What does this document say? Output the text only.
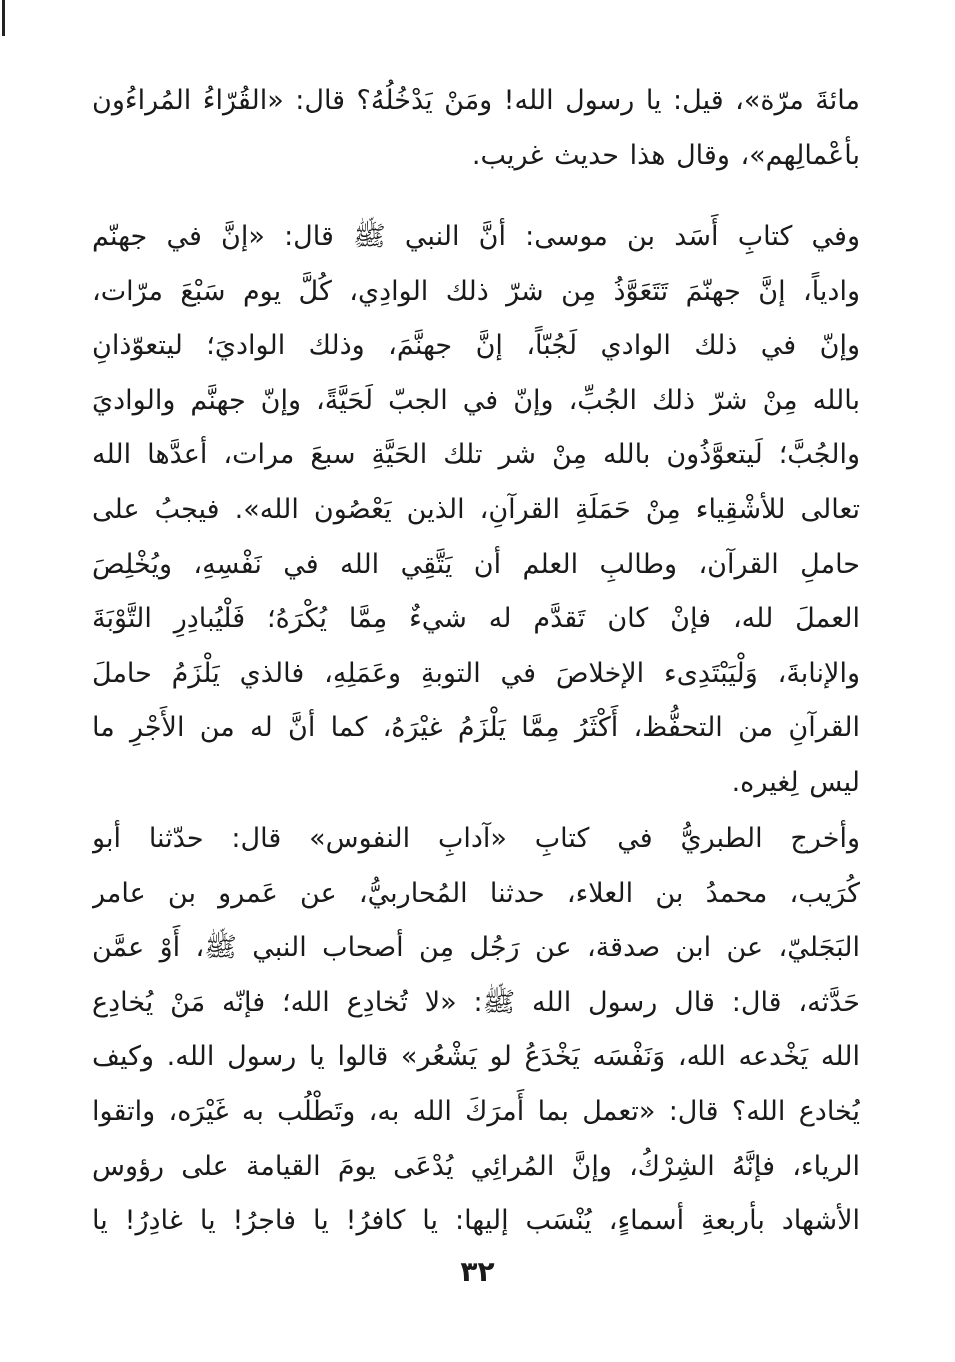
مائةَ مرّة»، قيل: يا رسول الله! ومَنْ يَدْخُلُهُ؟ قال: «القُرّاءُ المُراءُون
بأعْمالِهم»، وقال هذا حديث غريب.
وفي كتابِ أَسَد بن موسى: أنَّ النبي ﷺ قال: «إنَّ في جهنّم
وادياً، إنَّ جهنّمَ تَتَعَوَّذُ مِن شرّ ذلك الوادِي، كُلَّ يوم سَبْعَ مرّات،
وإنّ في ذلك الوادي لَجُبّاً، إنَّ جهنَّمَ، وذلك الواديَ؛ ليتعوّذانِ
بالله مِنْ شرّ ذلك الجُبِّ، وإنّ في الجبّ لَحَيَّةً، وإنّ جهنَّم والواديَ
والجُبَّ؛ لَيتعوَّذُون بالله مِنْ شر تلك الحَيَّةِ سبعَ مرات، أعدَّها الله
تعالى للأشْقِياء مِنْ حَمَلَةِ القرآنِ، الذين يَعْصُون الله». فيجبُ على
حاملِ القرآن، وطالبِ العلم أن يَتَّقِي الله في نَفْسِهِ، ويُخْلِصَ
العملَ لله، فإنْ كان تَقدَّم له شيءٌ مِمَّا يُكْرَهُ؛ فَلْيُبادِرِ التَّوْبَةَ
والإنابةَ، وَلْيَبْتَدِىء الإخلاصَ في التوبةِ وعَمَلِهِ، فالذي يَلْزَمُ حاملَ
القرآنِ من التحفُّظ، أَكْثَرُ مِمَّا يَلْزَمُ غيْرَهُ، كما أنَّ له من الأَجْرِ ما
ليس لِغيره.
وأخرج الطبريُّ في كتابِ «آدابِ النفوس» قال: حدّثنا أبو
كُرَيب، محمدُ بن العلاء، حدثنا المُحاربيُّ، عن عَمرو بن عامر
البَجَليّ، عن ابن صدقة، عن رَجُل مِن أصحاب النبي ﷺ، أَوْ عمَّن
حَدَّثه، قال: قال رسول الله ﷺ: «لا تُخادِع الله؛ فإنّه مَنْ يُخادِع
الله يَخْدعه الله، وَنَفْسَه يَخْدَعُ لو يَشْعُر» قالوا يا رسول الله. وكيف
يُخادع الله؟ قال: «تعمل بما أَمرَكَ الله به، وتَطْلُب به غَيْرَه، واتقوا
الرياء، فإنَّهُ الشِرْكُ، وإنَّ المُرائِي يُدْعَى يومَ القيامة على رؤوس
الأشهاد بأربعةِ أسماءٍ، يُنْسَب إليها: يا كافرُ! يا فاجرُ! يا غادِرُ! يا
٣٢
